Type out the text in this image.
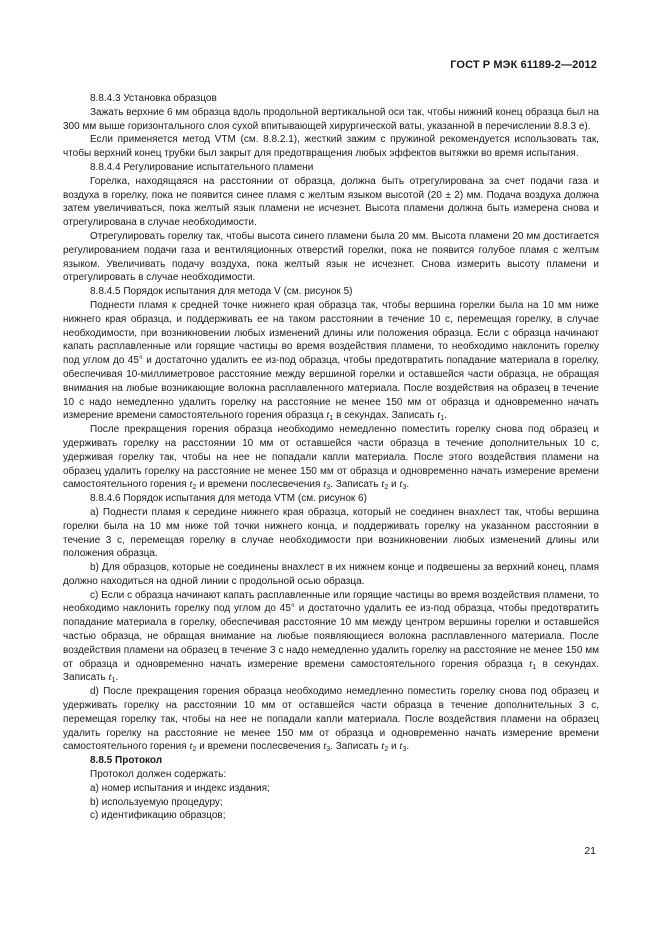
ГОСТ Р МЭК 61189-2—2012

8.8.4.3 Установка образцов

Зажать верхние 6 мм образца вдоль продольной вертикальной оси так, чтобы нижний конец образца был на 300 мм выше горизонтального слоя сухой впитывающей хирургической ваты, указанной в перечислении 8.8.3 е).

Если применяется метод VTM (см. 8.8.2.1), жесткий зажим с пружиной рекомендуется использовать так, чтобы верхний конец трубки был закрыт для предотвращения любых эффектов вытяжки во время испытания.

8.8.4.4 Регулирование испытательного пламени

Горелка, находящаяся на расстоянии от образца, должна быть отрегулирована за счет подачи газа и воздуха в горелку, пока не появится синее пламя с желтым языком высотой (20 ± 2) мм. Подача воздуха должна затем увеличиваться, пока желтый язык пламени не исчезнет. Высота пламени должна быть измерена снова и отрегулирована в случае необходимости.

Отрегулировать горелку так, чтобы высота синего пламени была 20 мм. Высота пламени 20 мм достигается регулированием подачи газа и вентиляционных отверстий горелки, пока не появится голубое пламя с желтым языком. Увеличивать подачу воздуха, пока желтый язык не исчезнет. Снова измерить высоту пламени и отрегулировать в случае необходимости.

8.8.4.5 Порядок испытания для метода V (см. рисунок 5)

Поднести пламя к средней точке нижнего края образца так, чтобы вершина горелки была на 10 мм ниже нижнего края образца, и поддерживать ее на таком расстоянии в течение 10 с, перемещая горелку, в случае необходимости, при возникновении любых изменений длины или положения образца. Если с образца начинают капать расплавленные или горящие частицы во время воздействия пламени, то необходимо наклонить горелку под углом до 45° и достаточно удалить ее из-под образца, чтобы предотвратить попадание материала в горелку, обеспечивая 10-миллиметровое расстояние между вершиной горелки и оставшейся части образца, не обращая внимания на любые возникающие волокна расплавленного материала. После воздействия на образец в течение 10 с надо немедленно удалить горелку на расстояние не менее 150 мм от образца и одновременно начать измерение времени самостоятельного горения образца $t_1$ в секундах. Записать $t_1$.

После прекращения горения образца необходимо немедленно поместить горелку снова под образец и удерживать горелку на расстоянии 10 мм от оставшейся части образца в течение дополнительных 10 с, удерживая горелку так, чтобы на нее не попадали капли материала. После этого воздействия пламени на образец удалить горелку на расстояние не менее 150 мм от образца и одновременно начать измерение времени самостоятельного горения $t_2$ и времени послесвечения $t_3$. Записать $t_2$ и $t_3$.

8.8.4.6 Порядок испытания для метода VTM (см. рисунок 6)

a) Поднести пламя к середине нижнего края образца, который не соединен внахлест так, чтобы вершина горелки была на 10 мм ниже той точки нижнего конца, и поддерживать горелку на указанном расстоянии в течение 3 с, перемещая горелку в случае необходимости при возникновении любых изменений длины или положения образца.

b) Для образцов, которые не соединены внахлест в их нижнем конце и подвешены за верхний конец, пламя должно находиться на одной линии с продольной осью образца.

c) Если с образца начинают капать расплавленные или горящие частицы во время воздействия пламени, то необходимо наклонить горелку под углом до 45° и достаточно удалить ее из-под образца, чтобы предотвратить попадание материала в горелку, обеспечивая расстояние 10 мм между центром вершины горелки и оставшейся частью образца, не обращая внимание на любые появляющиеся волокна расплавленного материала. После воздействия пламени на образец в течение 3 с надо немедленно удалить горелку на расстояние не менее 150 мм от образца и одновременно начать измерение времени самостоятельного горения образца $t_1$ в секундах. Записать $t_1$.

d) После прекращения горения образца необходимо немедленно поместить горелку снова под образец и удерживать горелку на расстоянии 10 мм от оставшейся части образца в течение дополнительных 3 с, перемещая горелку так, чтобы на нее не попадали капли материала. После воздействия пламени на образец удалить горелку на расстояние не менее 150 мм от образца и одновременно начать измерение времени самостоятельного горения $t_2$ и времени послесвечения $t_3$. Записать $t_2$ и $t_3$.

8.8.5 Протокол

Протокол должен содержать:

a) номер испытания и индекс издания;

b) используемую процедуру;

c) идентификацию образцов;

21
